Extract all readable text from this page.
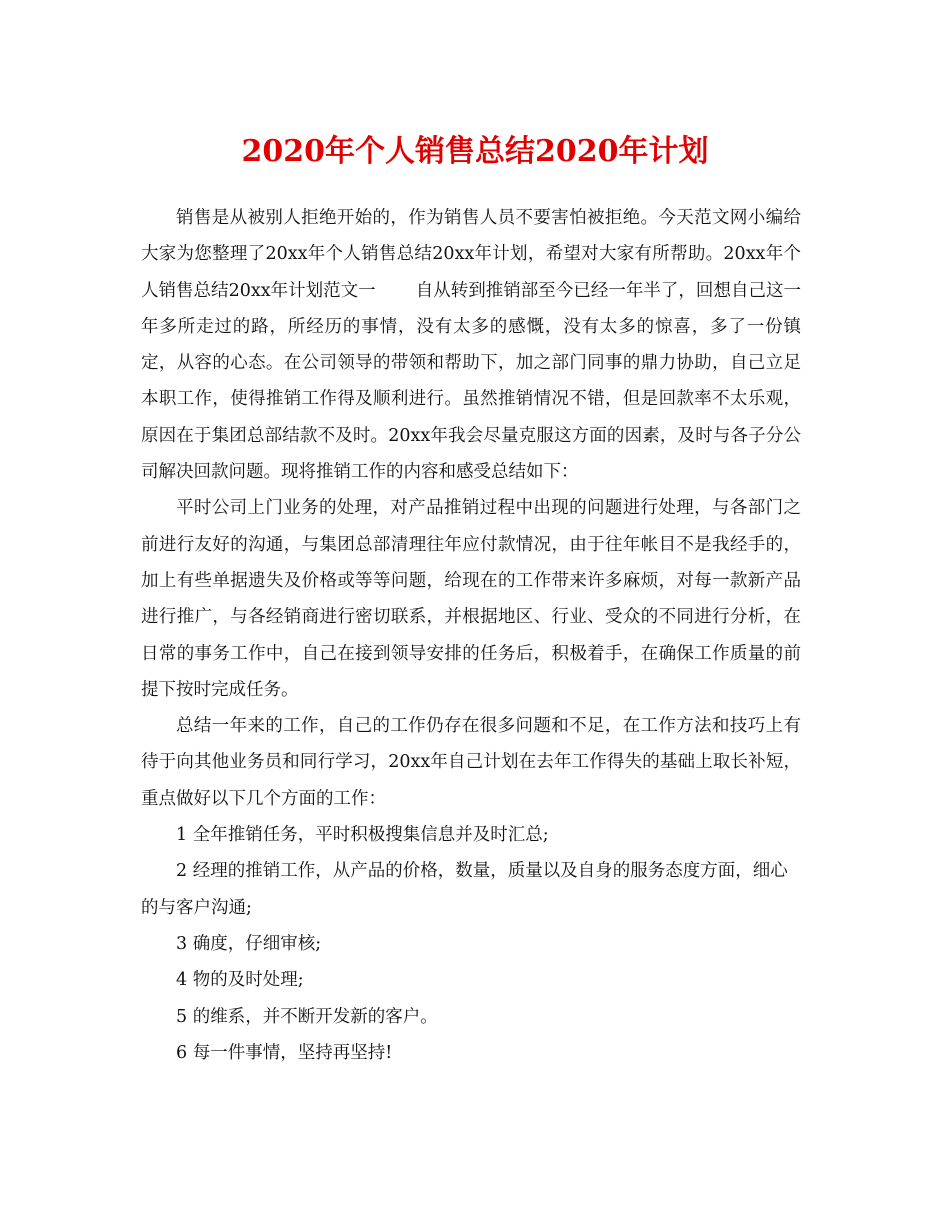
2020年个人销售总结2020年计划

销售是从被别人拒绝开始的，作为销售人员不要害怕被拒绝。今天范文网小编给大家为您整理了20xx年个人销售总结20xx年计划，希望对大家有所帮助。20xx年个人销售总结20xx年计划范文一 自从转到推销部至今已经一年半了，回想自己这一年多所走过的路，所经历的事情，没有太多的感慨，没有太多的惊喜，多了一份镇定，从容的心态。在公司领导的带领和帮助下，加之部门同事的鼎力协助，自己立足本职工作，使得推销工作得及顺利进行。虽然推销情况不错，但是回款率不太乐观，原因在于集团总部结款不及时。20xx年我会尽量克服这方面的因素，及时与各子分公司解决回款问题。现将推销工作的内容和感受总结如下：

平时公司上门业务的处理，对产品推销过程中出现的问题进行处理，与各部门之前进行友好的沟通，与集团总部清理往年应付款情况，由于往年帐目不是我经手的，加上有些单据遗失及价格或等等问题，给现在的工作带来许多麻烦，对每一款新产品进行推广，与各经销商进行密切联系，并根据地区、行业、受众的不同进行分析，在日常的事务工作中，自己在接到领导安排的任务后，积极着手，在确保工作质量的前提下按时完成任务。

总结一年来的工作，自己的工作仍存在很多问题和不足，在工作方法和技巧上有待于向其他业务员和同行学习，20xx年自己计划在去年工作得失的基础上取长补短，重点做好以下几个方面的工作：

1 全年推销任务，平时积极搜集信息并及时汇总;

2 经理的推销工作，从产品的价格，数量，质量以及自身的服务态度方面，细心的与客户沟通;

3 确度，仔细审核;

4 物的及时处理;

5 的维系，并不断开发新的客户。

6 每一件事情，坚持再坚持!
